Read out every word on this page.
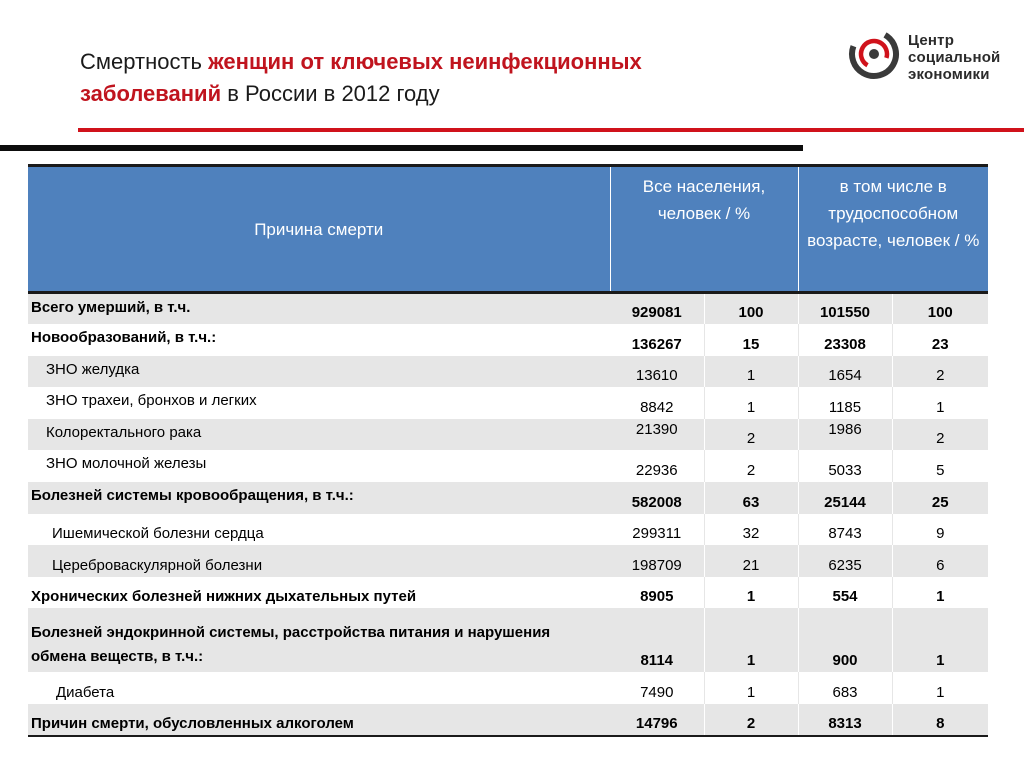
Смертность женщин от ключевых неинфекционных заболеваний в России в 2012 году
Центр
социальной
экономики
Причина смерти	Все населения, человек / %		в том числе в трудоспособном возрасте, человек / %	
Всего умерший, в т.ч.	929081	100	101550	100
Новообразований, в т.ч.:	136267	15	23308	23
ЗНО желудка	13610	1	1654	2
ЗНО трахеи, бронхов и легких	8842	1	1185	1
Колоректального рака	21390	2	1986	2
ЗНО молочной железы	22936	2	5033	5
Болезней системы кровообращения, в т.ч.:	582008	63	25144	25
Ишемической болезни сердца	299311	32	8743	9
Цереброваскулярной болезни	198709	21	6235	6
Хронических болезней нижних дыхательных путей	8905	1	554	1

Болезней эндокринной системы, расстройства питания и нарушения обмена веществ, в т.ч.:	8114	1	900	1
Диабета	7490	1	683	1
Причин смерти, обусловленных алкоголем	14796	2	8313	8
